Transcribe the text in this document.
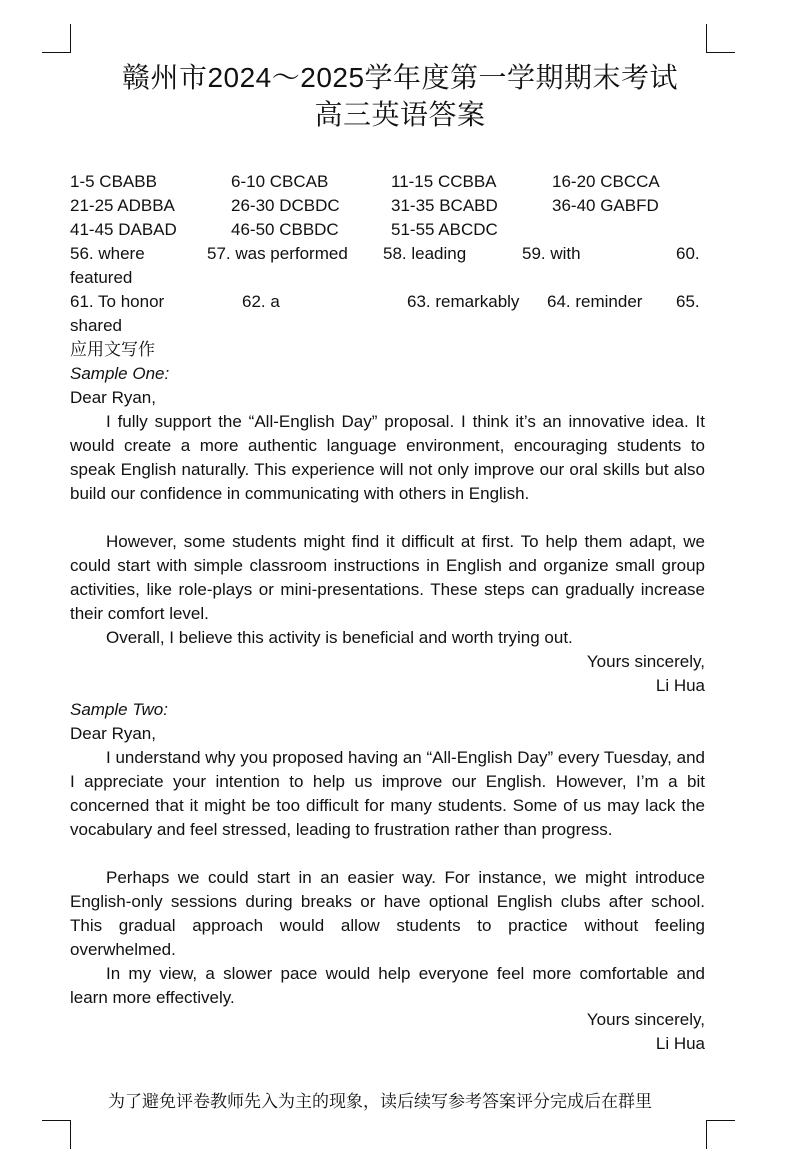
赣州市2024～2025学年度第一学期期末考试
高三英语答案
1-5 CBABB	6-10 CBCAB	11-15 CCBBA	16-20 CBCCA
21-25 ADBBA	26-30 DCBDC	31-35 BCABD	36-40 GABFD
41-45 DABAD	46-50 CBBDC	51-55 ABCDC
56. where	57. was performed 58. leading	59. with	60.
featured
61. To honor	62. a	63. remarkably 64. reminder 65.
shared
应用文写作
Sample One:
Dear Ryan,
I fully support the “All-English Day” proposal. I think it’s an innovative idea. It would create a more authentic language environment, encouraging students to speak English naturally. This experience will not only improve our oral skills but also build our confidence in communicating with others in English.
However, some students might find it difficult at first. To help them adapt, we could start with simple classroom instructions in English and organize small group activities, like role-plays or mini-presentations. These steps can gradually increase their comfort level.
Overall, I believe this activity is beneficial and worth trying out.
Yours sincerely,
Li Hua
Sample Two:
Dear Ryan,
I understand why you proposed having an “All-English Day” every Tuesday, and I appreciate your intention to help us improve our English. However, I’m a bit concerned that it might be too difficult for many students. Some of us may lack the vocabulary and feel stressed, leading to frustration rather than progress.
Perhaps we could start in an easier way. For instance, we might introduce English-only sessions during breaks or have optional English clubs after school. This gradual approach would allow students to practice without feeling overwhelmed.
In my view, a slower pace would help everyone feel more comfortable and learn more effectively.
Yours sincerely,
Li Hua
为了避免评卷教师先入为主的现象，读后续写参考答案评分完成后在群里
